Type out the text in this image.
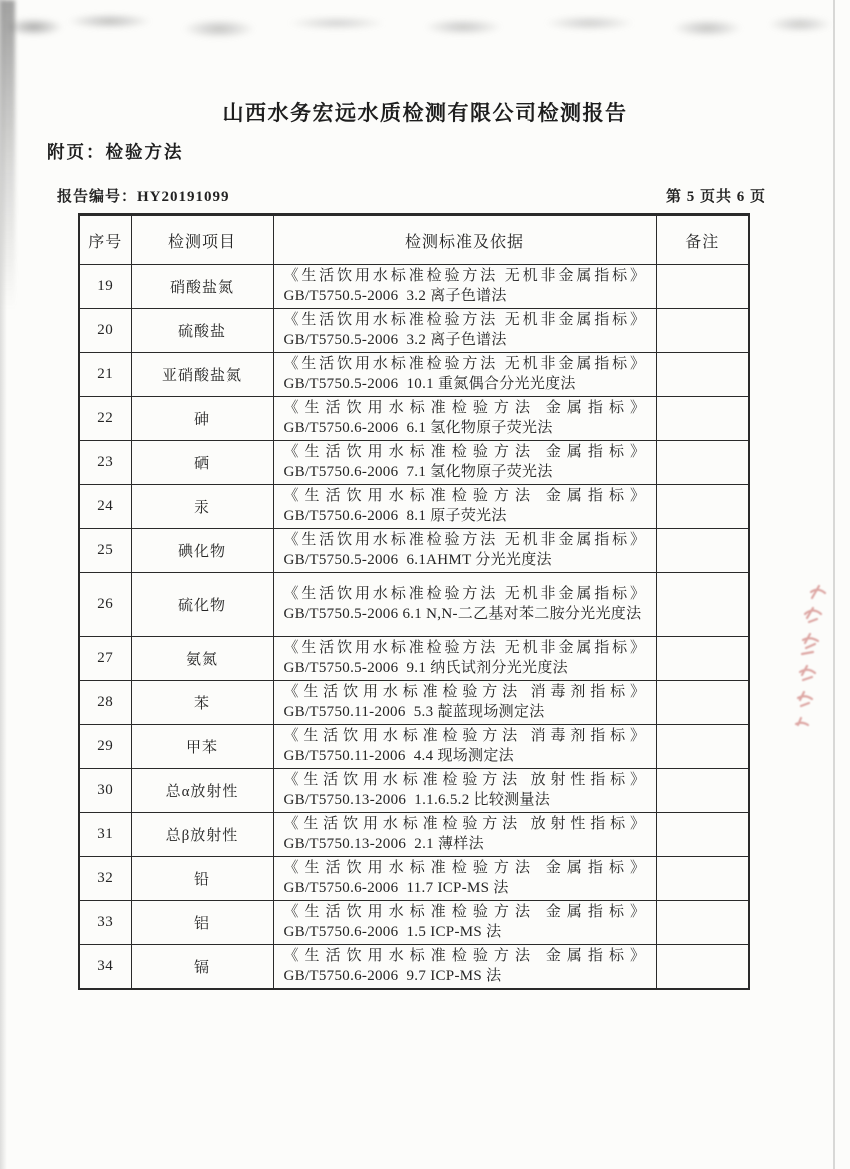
山西水务宏远水质检测有限公司检测报告
附页：检验方法
报告编号：HY20191099	第 5 页共 6 页
序号	检测项目	检测标准及依据	备注
19	硝酸盐氮	《生活饮用水标准检验方法 无机非金属指标》
GB/T5750.5-2006  3.2 离子色谱法	

20	硫酸盐	《生活饮用水标准检验方法 无机非金属指标》
GB/T5750.5-2006  3.2 离子色谱法	

21	亚硝酸盐氮	《生活饮用水标准检验方法 无机非金属指标》
GB/T5750.5-2006  10.1 重氮偶合分光光度法	

22	砷	《生活饮用水标准检验方法 金属指标》
GB/T5750.6-2006  6.1 氢化物原子荧光法	

23	硒	《生活饮用水标准检验方法 金属指标》
GB/T5750.6-2006  7.1 氢化物原子荧光法	

24	汞	《生活饮用水标准检验方法 金属指标》
GB/T5750.6-2006  8.1 原子荧光法	

25	碘化物	《生活饮用水标准检验方法 无机非金属指标》
GB/T5750.5-2006  6.1AHMT 分光光度法	

26	硫化物	《生活饮用水标准检验方法 无机非金属指标》
GB/T5750.5-2006 6.1 N,N-二乙基对苯二胺分光光度法	

27	氨氮	《生活饮用水标准检验方法 无机非金属指标》
GB/T5750.5-2006  9.1 纳氏试剂分光光度法	

28	苯	《生活饮用水标准检验方法 消毒剂指标》
GB/T5750.11-2006  5.3 靛蓝现场测定法	

29	甲苯	《生活饮用水标准检验方法 消毒剂指标》
GB/T5750.11-2006  4.4 现场测定法	

30	总α放射性	《生活饮用水标准检验方法 放射性指标》
GB/T5750.13-2006  1.1.6.5.2 比较测量法	

31	总β放射性	《生活饮用水标准检验方法 放射性指标》
GB/T5750.13-2006  2.1 薄样法	

32	铅	《生活饮用水标准检验方法 金属指标》
GB/T5750.6-2006  11.7 ICP-MS 法	

33	铝	《生活饮用水标准检验方法 金属指标》
GB/T5750.6-2006  1.5 ICP-MS 法	

34	镉	《生活饮用水标准检验方法 金属指标》
GB/T5750.6-2006  9.7 ICP-MS 法	
